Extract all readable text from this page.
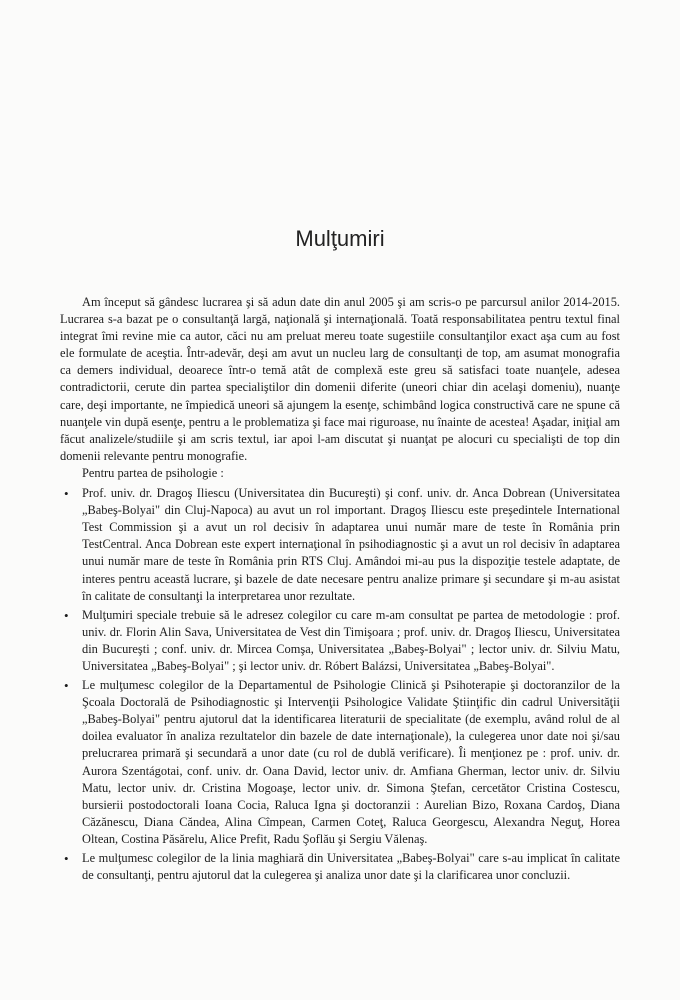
Mulţumiri

Am început să gândesc lucrarea şi să adun date din anul 2005 şi am scris-o pe parcursul anilor 2014-2015. Lucrarea s-a bazat pe o consultanţă largă, naţională şi internaţională. Toată responsabilitatea pentru textul final integrat îmi revine mie ca autor, căci nu am preluat mereu toate sugestiile consultanţilor exact aşa cum au fost ele formulate de aceştia. Într-adevăr, deşi am avut un nucleu larg de consultanţi de top, am asumat monografia ca demers individual, deoarece într-o temă atât de complexă este greu să satisfaci toate nuanţele, adesea contradictorii, cerute din partea specialiştilor din domenii diferite (uneori chiar din acelaşi domeniu), nuanţe care, deşi importante, ne împiedică uneori să ajungem la esenţe, schimbând logica constructivă care ne spune că nuanţele vin după esenţe, pentru a le problematiza şi face mai riguroase, nu înainte de acestea! Aşadar, iniţial am făcut analizele/studiile şi am scris textul, iar apoi l-am discutat şi nuanţat pe alocuri cu specialişti de top din domenii relevante pentru monografie.

Pentru partea de psihologie :
• Prof. univ. dr. Dragoş Iliescu (Universitatea din Bucureşti) şi conf. univ. dr. Anca Dobrean (Universitatea „Babeş-Bolyai" din Cluj-Napoca) au avut un rol important. Dragoş Iliescu este preşedintele International Test Commission şi a avut un rol decisiv în adaptarea unui număr mare de teste în România prin TestCentral. Anca Dobrean este expert internaţional în psihodiagnostic şi a avut un rol decisiv în adaptarea unui număr mare de teste în România prin RTS Cluj. Amândoi mi-au pus la dispoziţie testele adaptate, de interes pentru această lucrare, şi bazele de date necesare pentru analize primare şi secundare şi m-au asistat în calitate de consultanţi la interpretarea unor rezultate.
• Mulţumiri speciale trebuie să le adresez colegilor cu care m-am consultat pe partea de metodologie : prof. univ. dr. Florin Alin Sava, Universitatea de Vest din Timişoara ; prof. univ. dr. Dragoş Iliescu, Universitatea din Bucureşti ; conf. univ. dr. Mircea Comşa, Universitatea „Babeş-Bolyai" ; lector univ. dr. Silviu Matu, Universitatea „Babeş-Bolyai" ; şi lector univ. dr. Róbert Balázsi, Universitatea „Babeş-Bolyai".
• Le mulţumesc colegilor de la Departamentul de Psihologie Clinică şi Psihoterapie şi doctoranzilor de la Şcoala Doctorală de Psihodiagnostic şi Intervenţii Psihologice Validate Ştiinţific din cadrul Universităţii „Babeş-Bolyai" pentru ajutorul dat la identificarea literaturii de specialitate (de exemplu, având rolul de al doilea evaluator în analiza rezultatelor din bazele de date internaţionale), la culegerea unor date noi şi/sau prelucrarea primară şi secundară a unor date (cu rol de dublă verificare). Îi menţionez pe : prof. univ. dr. Aurora Szentágotai, conf. univ. dr. Oana David, lector univ. dr. Amfiana Gherman, lector univ. dr. Silviu Matu, lector univ. dr. Cristina Mogoaşe, lector univ. dr. Simona Ştefan, cercetător Cristina Costescu, bursierii postodoctorali Ioana Cocia, Raluca Igna şi doctoranzii : Aurelian Bizo, Roxana Cardoş, Diana Căzănescu, Diana Căndea, Alina Cîmpean, Carmen Coteţ, Raluca Georgescu, Alexandra Neguţ, Horea Oltean, Costina Păsărelu, Alice Prefit, Radu Şoflău şi Sergiu Vălenaş.
• Le mulţumesc colegilor de la linia maghiară din Universitatea „Babeş-Bolyai" care s-au implicat în calitate de consultanţi, pentru ajutorul dat la culegerea şi analiza unor date şi la clarificarea unor concluzii.
